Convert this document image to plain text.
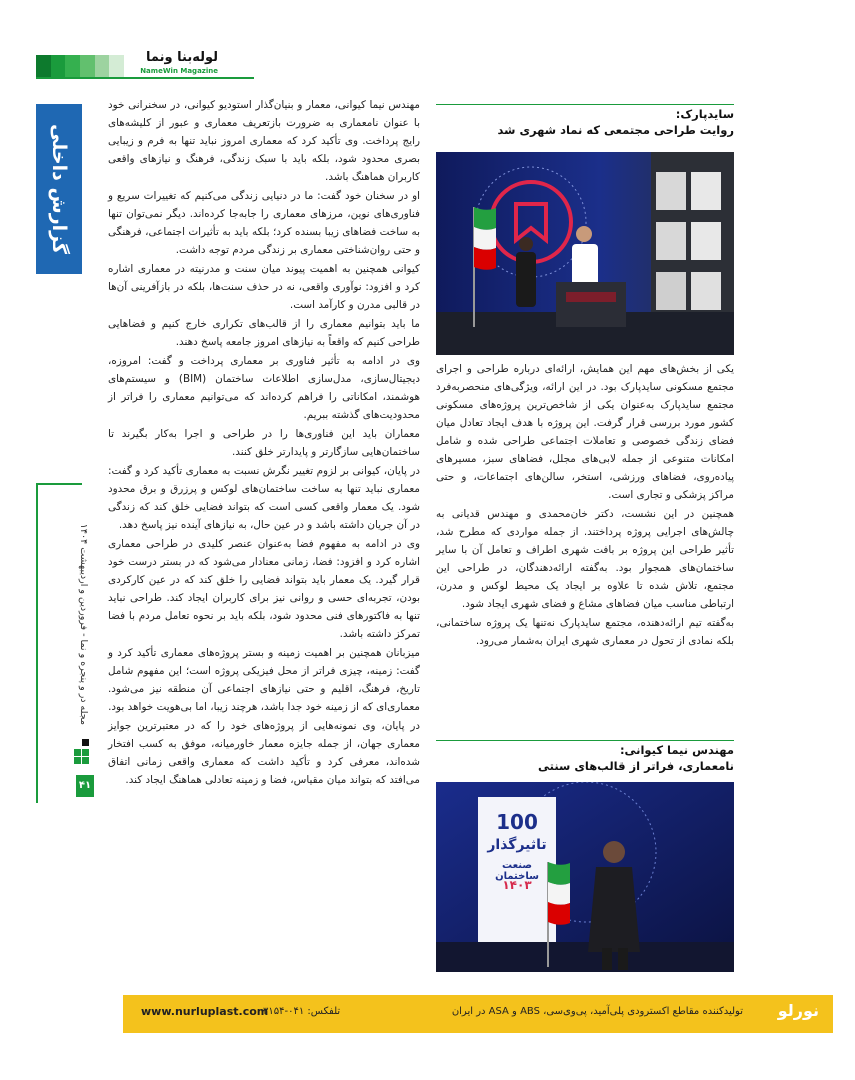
لوله‌بنا و‌نما
NameWin Magazine
گزارش داخلی
مجله در و پنجره و نما - فروردین و اردیبهشت ۱۴۰۴
۴۱

مهندس نیما کیوانی، معمار و بنیان‌گذار استودیو کیوانی، در سخنرانی خود با عنوان نامعماری به ضرورت بازتعریف معماری و عبور از کلیشه‌های رایج پرداخت. وی تأکید کرد که معماری امروز نباید تنها به فرم و زیبایی بصری محدود شود، بلکه باید با سبک زندگی، فرهنگ و نیازهای واقعی کاربران هماهنگ باشد.

او در سخنان خود گفت: ما در دنیایی زندگی می‌کنیم که تغییرات سریع و فناوری‌های نوین، مرزهای معماری را جابه‌جا کرده‌اند. دیگر نمی‌توان تنها به ساخت فضاهای زیبا بسنده کرد؛ بلکه باید به تأثیرات اجتماعی، فرهنگی و حتی روان‌شناختی معماری بر زندگی مردم توجه داشت.

کیوانی همچنین به اهمیت پیوند میان سنت و مدرنیته در معماری اشاره کرد و افزود: نوآوری واقعی، نه در حذف سنت‌ها، بلکه در بازآفرینی آن‌ها در قالبی مدرن و کارآمد است.

ما باید بتوانیم معماری را از قالب‌های تکراری خارج کنیم و فضاهایی طراحی کنیم که واقعاً به نیازهای امروز جامعه پاسخ دهند.

وی در ادامه به تأثیر فناوری بر معماری پرداخت و گفت: امروزه، دیجیتال‌سازی، مدل‌سازی اطلاعات ساختمان (BIM) و سیستم‌های هوشمند، امکاناتی را فراهم کرده‌اند که می‌توانیم معماری را فراتر از محدودیت‌های گذشته ببریم.

معماران باید این فناوری‌ها را در طراحی و اجرا به‌کار بگیرند تا ساختمان‌هایی سازگارتر و پایدارتر خلق کنند.

در پایان، کیوانی بر لزوم تغییر نگرش نسبت به معماری تأکید کرد و گفت: معماری نباید تنها به ساخت ساختمان‌های لوکس و پرزرق و برق محدود شود. یک معمار واقعی کسی است که بتواند فضایی خلق کند که زندگی در آن جریان داشته باشد و در عین حال، به نیازهای آینده نیز پاسخ دهد.

وی در ادامه به مفهوم فضا به‌عنوان عنصر کلیدی در طراحی معماری اشاره کرد و افزود: فضا، زمانی معنادار می‌شود که در بستر درست خود قرار گیرد. یک معمار باید بتواند فضایی را خلق کند که در عین کارکردی بودن، تجربه‌ای حسی و روانی نیز برای کاربران ایجاد کند. طراحی نباید تنها به فاکتورهای فنی محدود شود، بلکه باید بر نحوه تعامل مردم با فضا تمرکز داشته باشد.

میزبانان همچنین بر اهمیت زمینه و بستر پروژه‌های معماری تأکید کرد و گفت: زمینه، چیزی فراتر از محل فیزیکی پروژه است؛ این مفهوم شامل تاریخ، فرهنگ، اقلیم و حتی نیازهای اجتماعی آن منطقه نیز می‌شود. معماری‌ای که از زمینه خود جدا باشد، هرچند زیبا، اما بی‌هویت خواهد بود.

در پایان، وی نمونه‌هایی از پروژه‌های خود را که در معتبرترین جوایز معماری جهان، از جمله جایزه معمار خاورمیانه، موفق به کسب افتخار شده‌اند، معرفی کرد و تأکید داشت که معماری واقعی زمانی اتفاق می‌افتد که بتواند میان مقیاس، فضا و زمینه تعادلی هماهنگ ایجاد کند.

ساید‌پارک:
روایت طراحی مجتمعی که نماد شهری شد

یکی از بخش‌های مهم این همایش، ارائه‌ای درباره طراحی و اجرای مجتمع مسکونی ساید‌پارک بود. در این ارائه، ویژگی‌های منحصربه‌فرد مجتمع ساید‌پارک به‌عنوان یکی از شاخص‌ترین پروژه‌های مسکونی کشور مورد بررسی قرار گرفت. این پروژه با هدف ایجاد تعادل میان فضای زندگی خصوصی و تعاملات اجتماعی طراحی شده و شامل امکانات متنوعی از جمله لابی‌های مجلل، فضاهای سبز، مسیرهای پیاده‌روی، فضاهای ورزشی، استخر، سالن‌های اجتماعات، و حتی مراکز پزشکی و تجاری است.

همچنین در این نشست، دکتر خان‌محمدی و مهندس قدیانی به چالش‌های اجرایی پروژه پرداختند. از جمله مواردی که مطرح شد، تأثیر طراحی این پروژه بر بافت شهری اطراف و تعامل آن با سایر ساختمان‌های همجوار بود. به‌گفته ارائه‌دهندگان، در طراحی این مجتمع، تلاش شده تا علاوه بر ایجاد یک محیط لوکس و مدرن، ارتباطی مناسب میان فضاهای مشاع و فضای شهری ایجاد شود.

به‌گفته تیم ارائه‌دهنده، مجتمع ساید‌پارک نه‌تنها یک پروژه ساختمانی، بلکه نمادی از تحول در معماری شهری ایران به‌شمار می‌رود.

مهندس نیما کیوانی:
نامعماری، فراتر از قالب‌های سنتی
100
تاثیرگذار
صنعت ساختمان
۱۴۰۳
نورلو
تولیدکننده مقاطع اکسترودی پلی‌آمید، پی‌وی‌سی، ABS و ASA در ایران
تلفکس: ۰۴۱-۳۱۵۴
www.nurluplast.com
